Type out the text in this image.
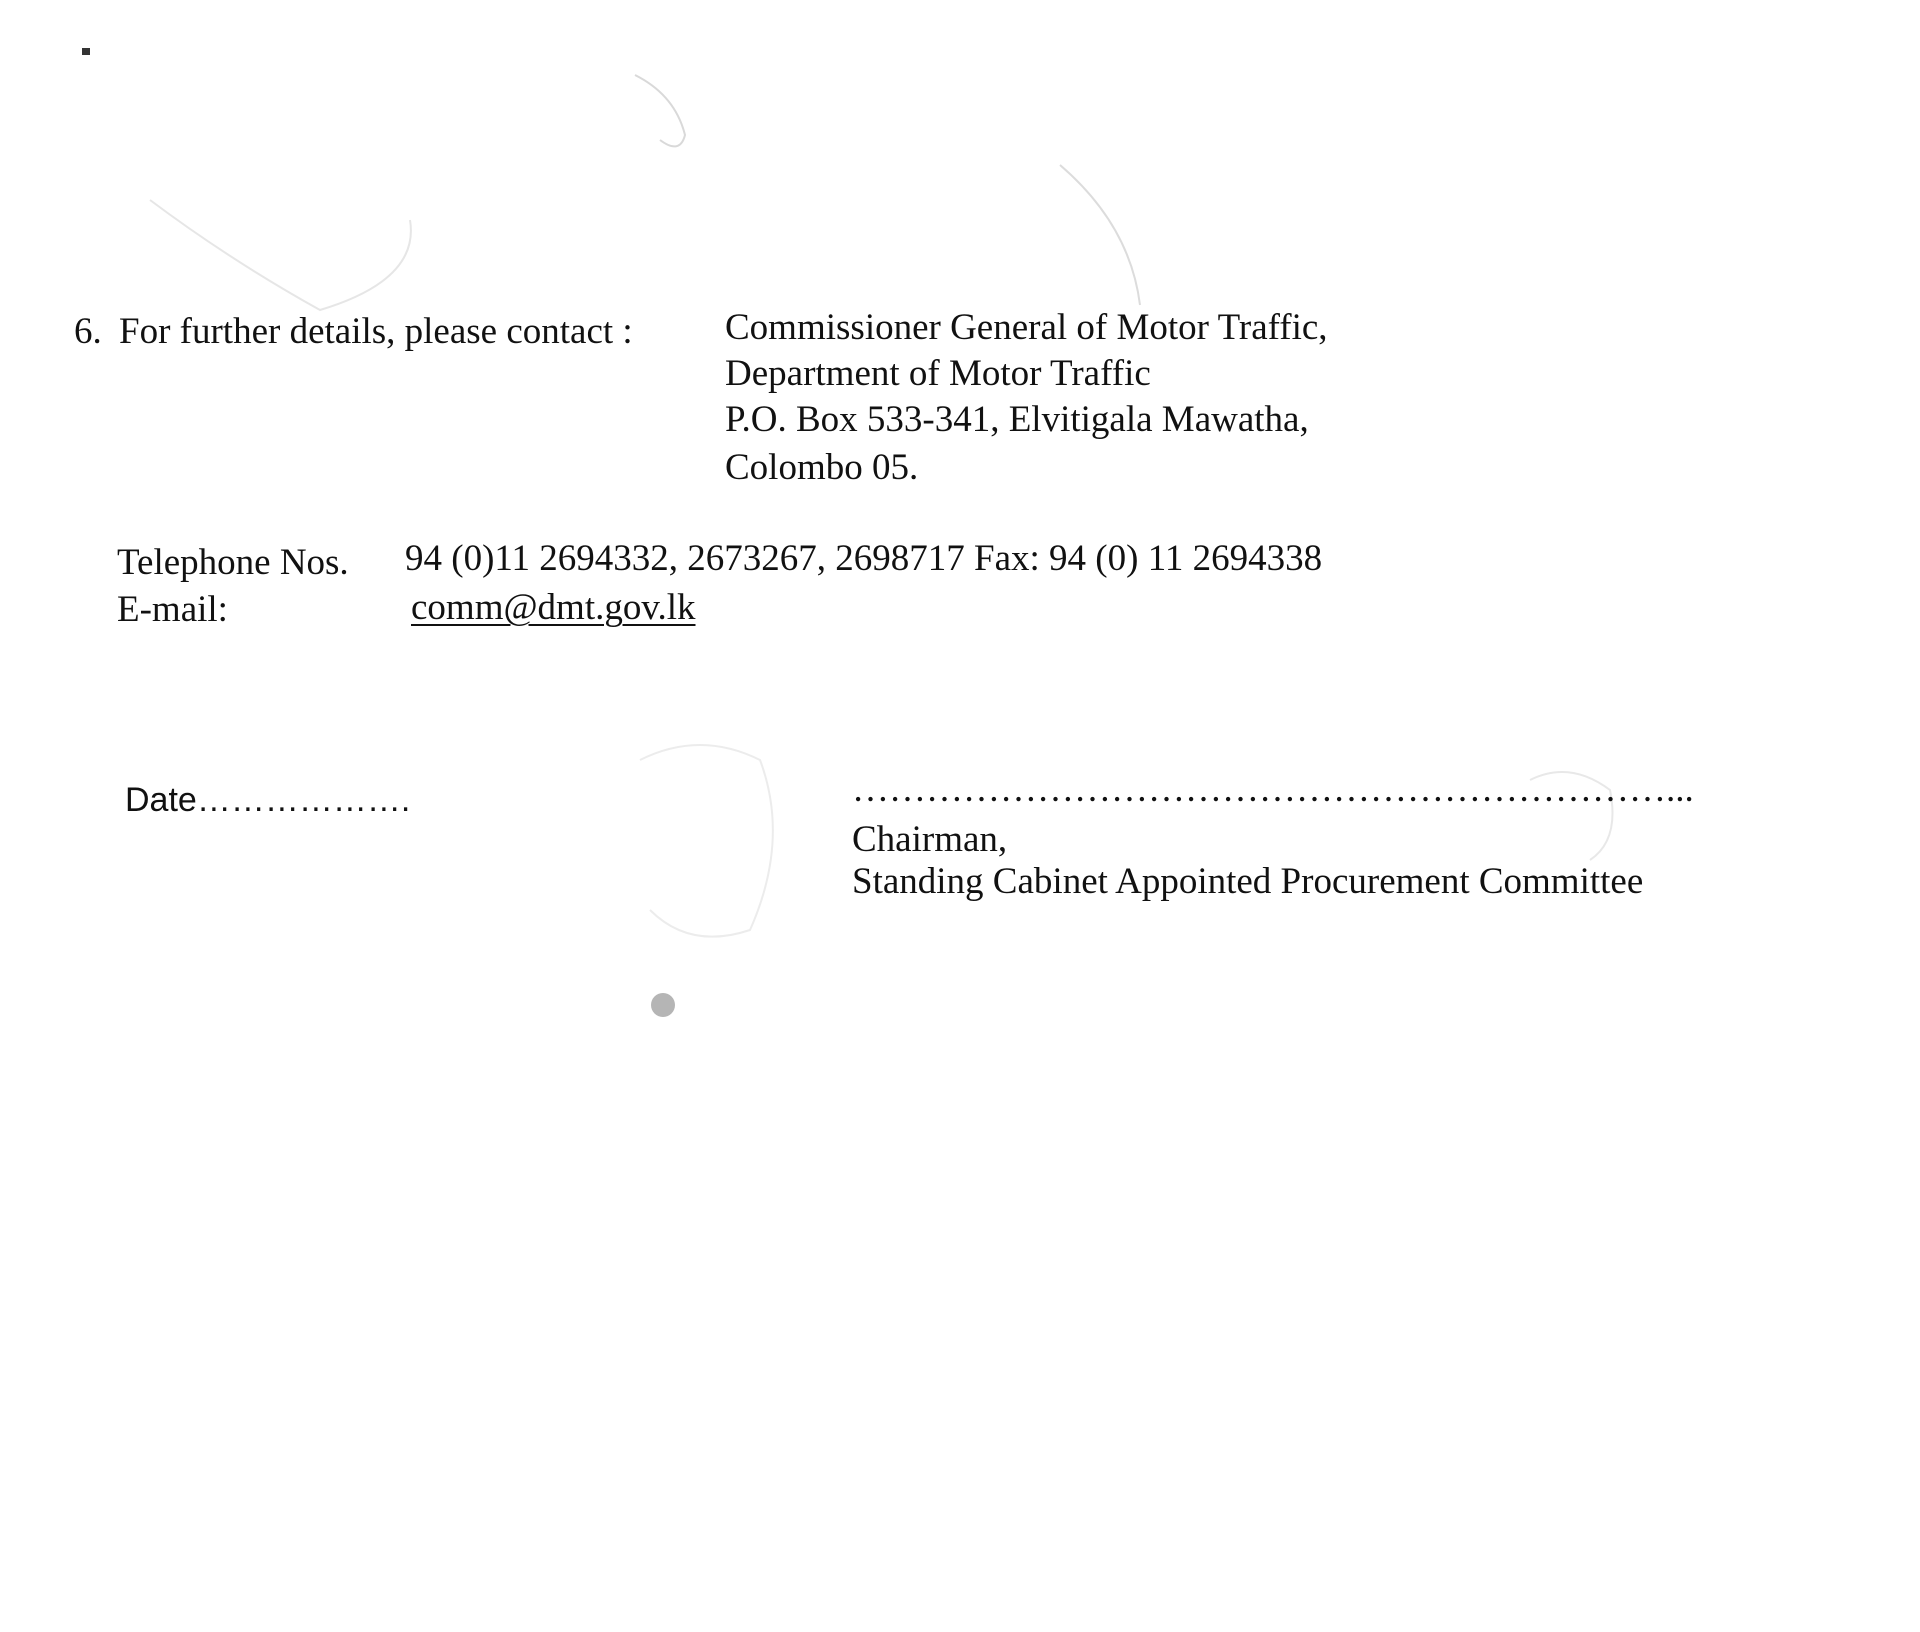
6. For further details, please contact : Commissioner General of Motor Traffic,
Department of Motor Traffic
P.O. Box 533-341, Elvitigala Mawatha,
Colombo 05.
Telephone Nos. 94 (0)11 2694332, 2673267, 2698717 Fax: 94 (0) 11 2694338
E-mail:	comm@dmt.gov.lk
Date……………….	…………………………………………………………...
Chairman,
Standing Cabinet Appointed Procurement Committee
